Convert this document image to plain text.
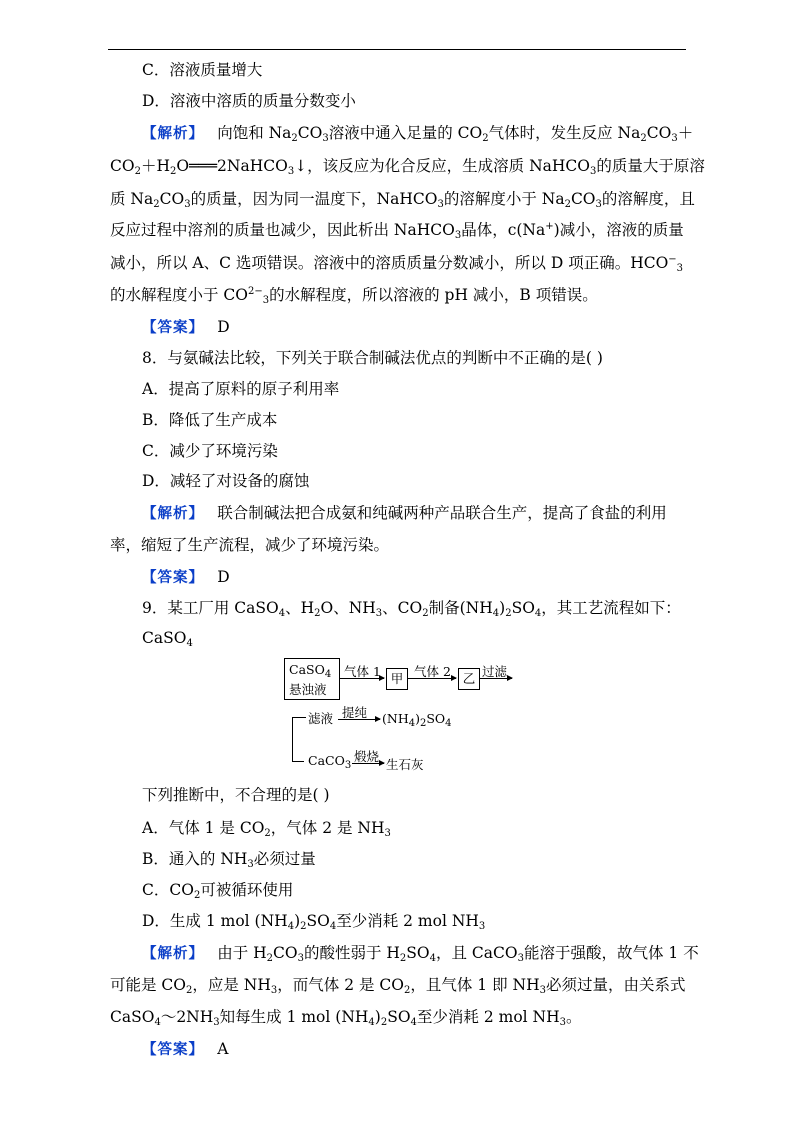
C．溶液质量增大
D．溶液中溶质的质量分数变小
【解析】　 向饱和 $Na_2CO_3$溶液中通入足量的 $CO_2$气体时，发生反应 $Na_2CO_3+$
$CO_2+H_2O═══2NaHCO_3↓$，该反应为化合反应，生成溶质 NaHCO$_3$的质量大于原溶
质 $Na_2CO_3$的质量，因为同一温度下，NaHCO$_3$的溶解度小于 $Na_2CO_3$的溶解度，且
反应过程中溶剂的质量也减少，因此析出 NaHCO$_3$晶体，c(Na+)减小，溶液的质量
减小，所以 A、C 选项错误。溶液中的溶质质量分数减小，所以 D 项正确。$HCO^-_3$
的水解程度小于 $CO^{2-}_3$的水解程度，所以溶液的 pH 减小，B 项错误。
【答案】　 D
8．与氨碱法比较，下列关于联合制碱法优点的判断中不正确的是( )
A．提高了原料的原子利用率
B．降低了生产成本
C．减少了环境污染
D．减轻了对设备的腐蚀
【解析】　 联合制碱法把合成氨和纯碱两种产品联合生产，提高了食盐的利用
率，缩短了生产流程，减少了环境污染。
【答案】　 D
9．某工厂用 CaSO$_4$、$H_2O$、$NH_3$、$CO_2$制备$(NH_4)_2SO_4$，其工艺流程如下：
CaSO$_4$
CaSO$_4$
悬浊液
气体 1 甲 气体 2 乙 过滤
滤液 提纯 $(NH_4)_2SO_4$
CaCO$_3$
煅烧
生石灰
下列推断中，不合理的是( )
A．气体 1 是 $CO_2$，气体 2 是 $NH_3$
B．通入的 $NH_3$必须过量
C．$CO_2$可被循环使用
D．生成 1 mol $(NH_4)_2SO_4$至少消耗 2 mol $NH_3$
【解析】　 由于 $H_2CO_3$的酸性弱于 $H_2SO_4$，且 CaCO$_3$能溶于强酸，故气体 1 不
可能是 $CO_2$，应是 $NH_3$，而气体 2 是 $CO_2$，且气体 1 即 $NH_3$必须过量，由关系式
$CaSO_4\sim 2NH_3$知每生成 1 mol $(NH_4)_2SO_4$至少消耗 2 mol $NH_3$。
【答案】　 A
